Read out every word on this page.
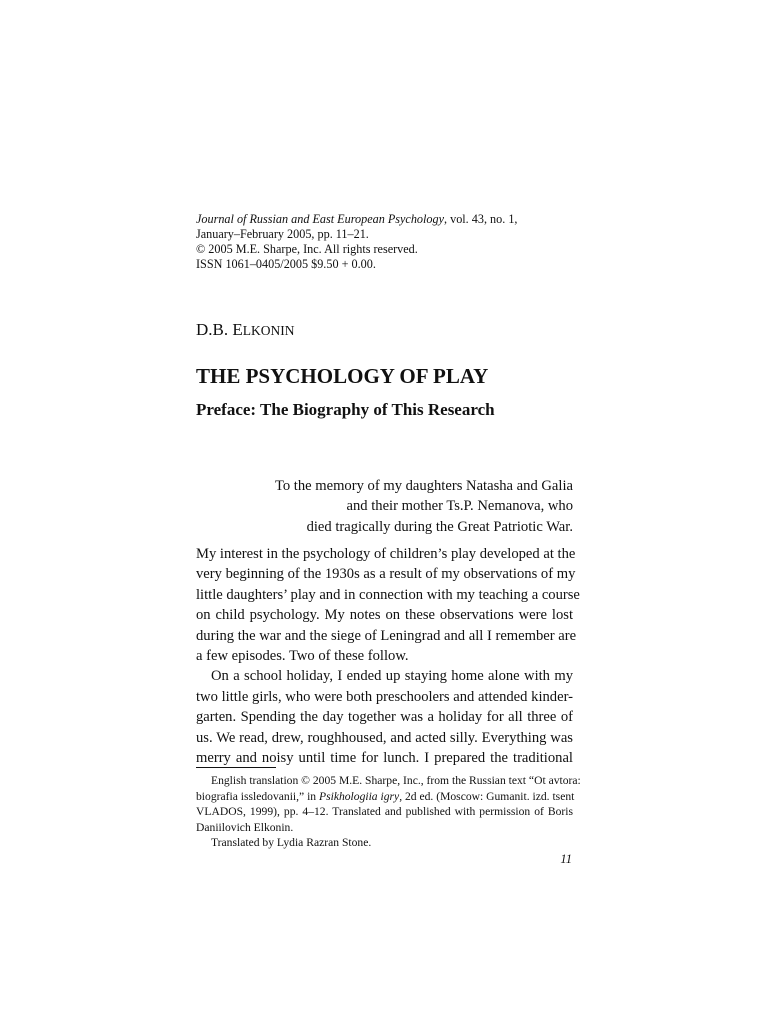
Journal of Russian and East European Psychology, vol. 43, no. 1,
January–February 2005, pp. 11–21.
© 2005 M.E. Sharpe, Inc. All rights reserved.
ISSN 1061–0405/2005 $9.50 + 0.00.
D.B. ELKONIN
THE PSYCHOLOGY OF PLAY
Preface: The Biography of This Research
To the memory of my daughters Natasha and Galia
and their mother Ts.P. Nemanova, who
died tragically during the Great Patriotic War.
My interest in the psychology of children’s play developed at the
very beginning of the 1930s as a result of my observations of my
little daughters’ play and in connection with my teaching a course
on child psychology. My notes on these observations were lost
during the war and the siege of Leningrad and all I remember are
a few episodes. Two of these follow.
On a school holiday, I ended up staying home alone with my
two little girls, who were both preschoolers and attended kinder-
garten. Spending the day together was a holiday for all three of
us. We read, drew, roughhoused, and acted silly. Everything was
merry and noisy until time for lunch. I prepared the traditional
English translation © 2005 M.E. Sharpe, Inc., from the Russian text “Ot avtora:
biografia issledovanii,” in Psikhologiia igry, 2d ed. (Moscow: Gumanit. izd. tsent
VLADOS, 1999), pp. 4–12. Translated and published with permission of Boris
Daniilovich Elkonin.
Translated by Lydia Razran Stone.
11
